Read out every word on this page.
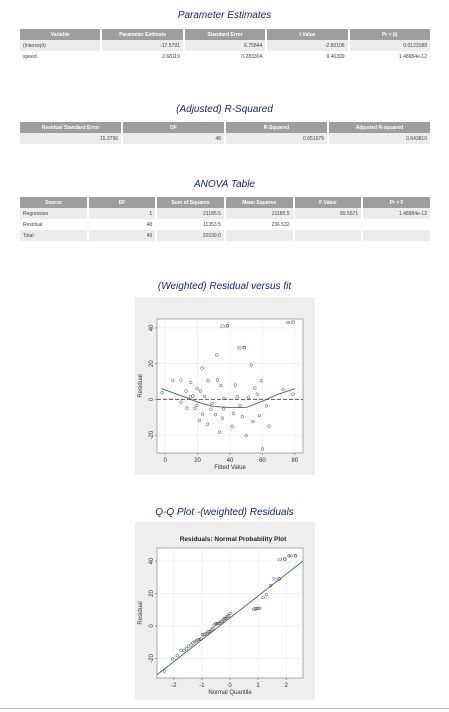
Parameter Estimates
Variable	Parameter Estimate	Standard Error	t Value	Pr > |t|
(Intercept)	-17.5791	6.75844	-2.60106	0.0123188
speed	2.68119	0.283304	9.46399	1.48984e-12
(Adjusted) R-Squared
Residual Standard Error	DF	R-Squared	Adjusted R-squared
15.3796	48	0.651079	0.643810
ANOVA Table
Source	DF	Sum of Squares	Mean Squares	F Value	Pr > F
Regression	1	21185.5	21185.5	89.5671	1.48984e-12
Residual	48	11353.5	236.532		
Total	49	32539.0			
(Weighted) Residual versus fit
0	20	40	60	80
-20
0
20
40
Fitted Value
Residual
49
23
35
Q-Q Plot -(weighted) Residuals
Residuals: Normal Probability Plot
-2	-1	0	1	2
-20
0
20
40
Normal Quantile
Residual
49
23
35
